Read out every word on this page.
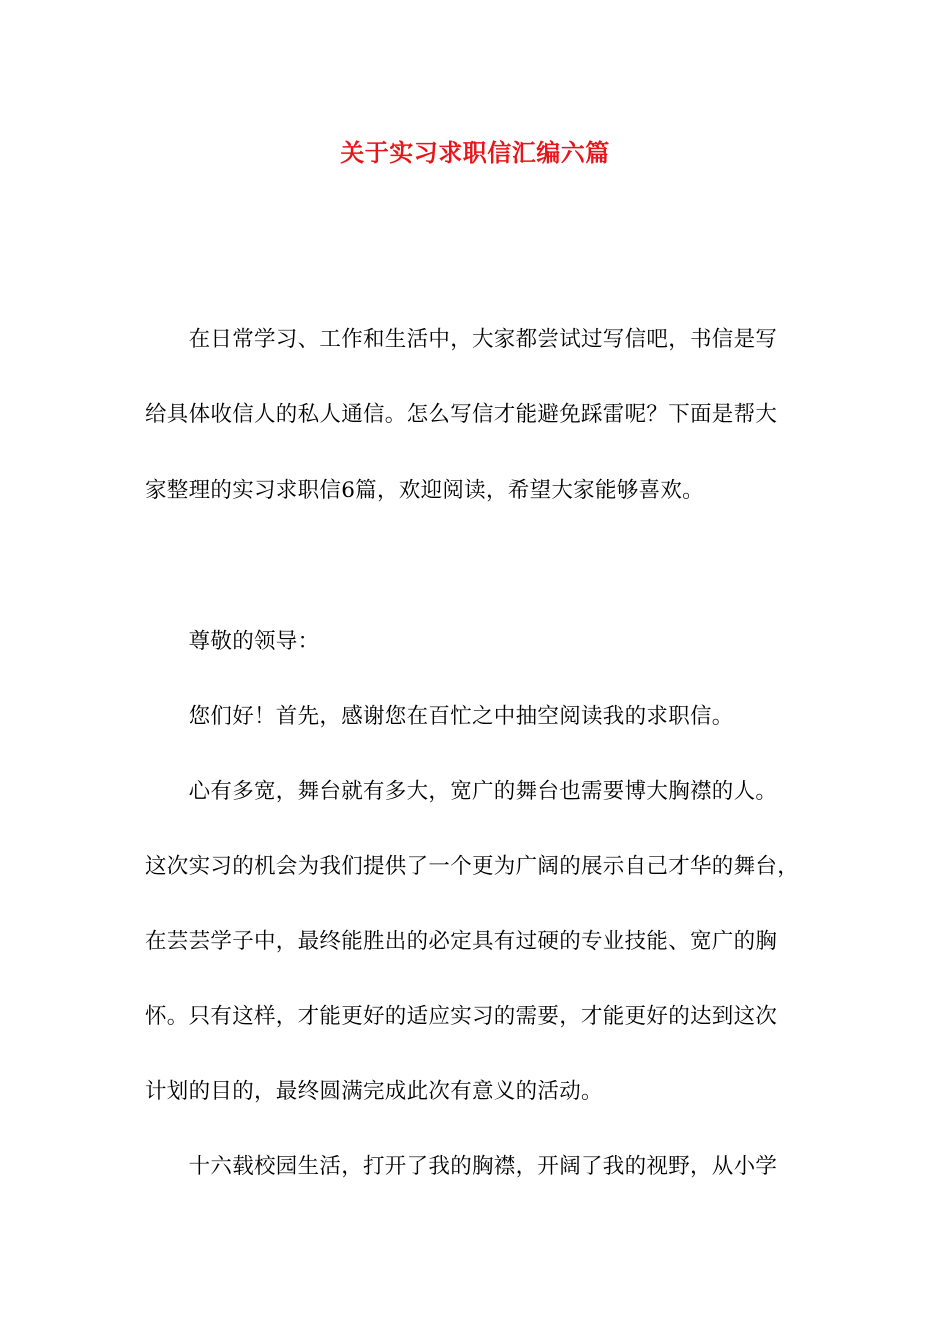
关于实习求职信汇编六篇
　　在日常学习、工作和生活中，大家都尝试过写信吧，书信是写
给具体收信人的私人通信。怎么写信才能避免踩雷呢？下面是帮大
家整理的实习求职信6篇，欢迎阅读，希望大家能够喜欢。
　　尊敬的领导：
　　您们好！首先，感谢您在百忙之中抽空阅读我的求职信。
　　心有多宽，舞台就有多大，宽广的舞台也需要博大胸襟的人。
这次实习的机会为我们提供了一个更为广阔的展示自己才华的舞台，
在芸芸学子中，最终能胜出的必定具有过硬的专业技能、宽广的胸
怀。只有这样，才能更好的适应实习的需要，才能更好的达到这次
计划的目的，最终圆满完成此次有意义的活动。
　　十六载校园生活，打开了我的胸襟，开阔了我的视野，从小学
